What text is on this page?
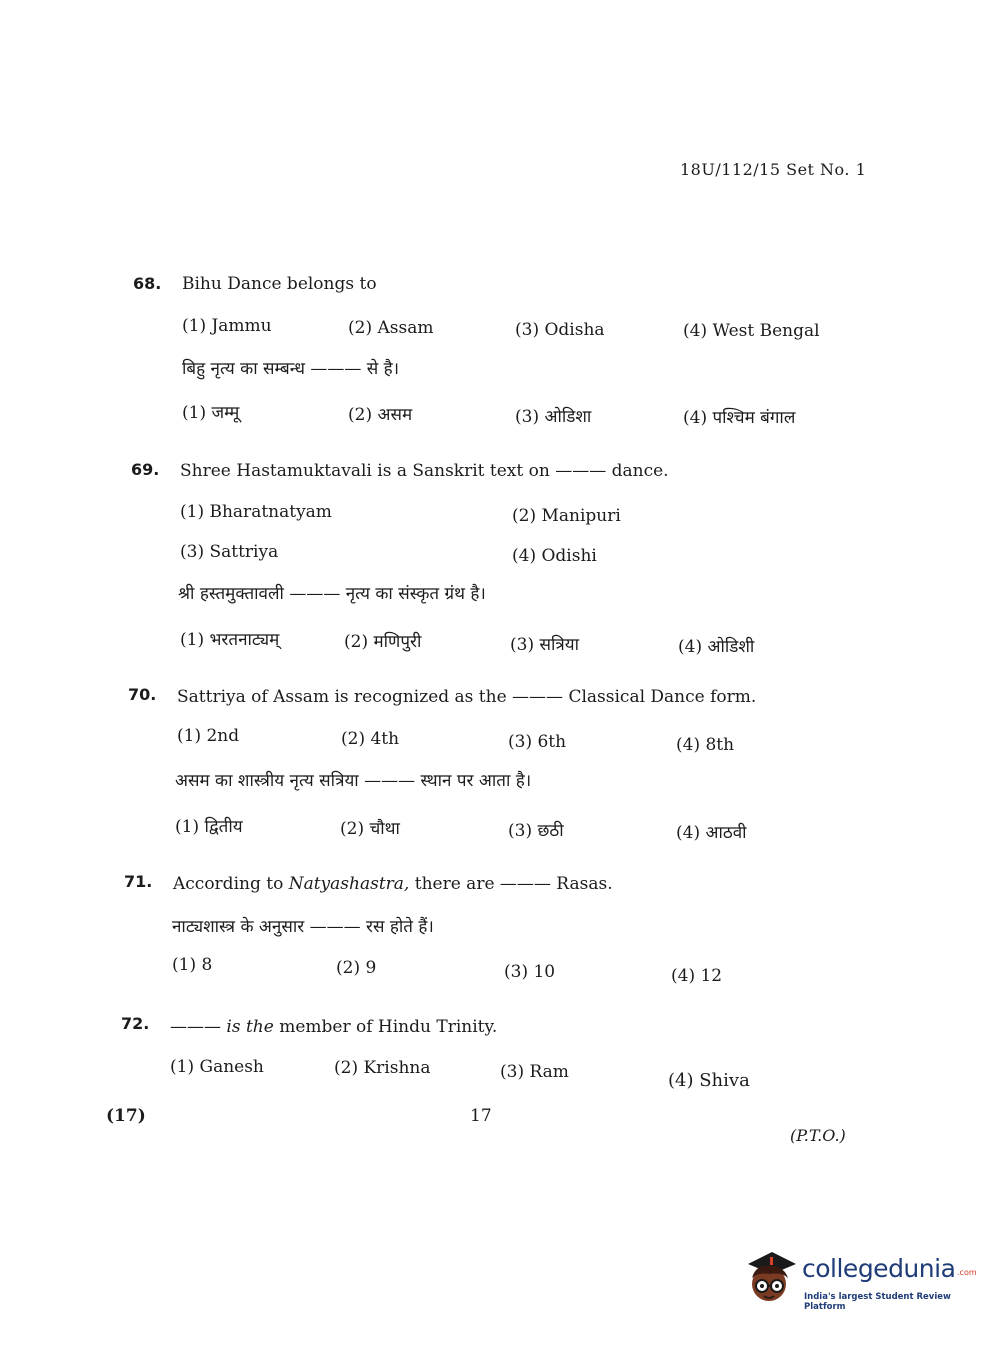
18U/112/15 Set No. 1
68. Bihu Dance belongs to
(1) Jammu	(2) Assam	(3) Odisha	(4) West Bengal
बिहु नृत्य का सम्बन्ध ——— से है।
(1) जम्मू	(2) असम	(3) ओडिशा	(4) पश्चिम बंगाल
69. Shree Hastamuktavali is a Sanskrit text on ——— dance.
(1) Bharatnatyam	(2) Manipuri
(3) Sattriya	(4) Odishi
श्री हस्तमुक्तावली ——— नृत्य का संस्कृत ग्रंथ है।
(1) भरतनाट्यम्	(2) मणिपुरी	(3) सत्रिया	(4) ओडिशी
70. Sattriya of Assam is recognized as the ——— Classical Dance form.
(1) 2nd	(2) 4th	(3) 6th	(4) 8th
असम का शास्त्रीय नृत्य सत्रिया ——— स्थान पर आता है।
(1) द्वितीय	(2) चौथा	(3) छठी	(4) आठवी
71. According to Natyashastra, there are ——— Rasas.
नाट्यशास्त्र के अनुसार ——— रस होते हैं।
(1) 8	(2) 9	(3) 10	(4) 12
72. ——— is the member of Hindu Trinity.
(1) Ganesh	(2) Krishna	(3) Ram	(4) Shiva
(17)	17
(P.T.O.)
collegedunia .com
India's largest Student Review Platform
